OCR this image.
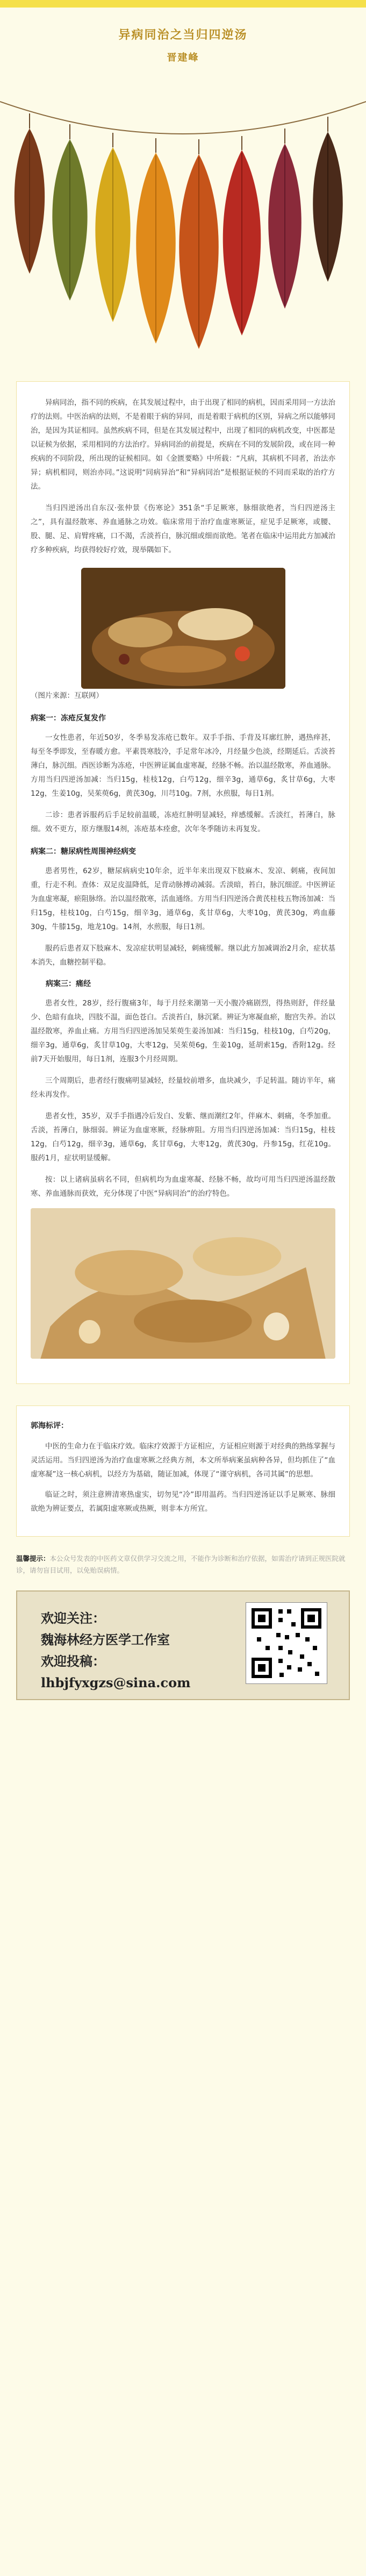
异病同治之当归四逆汤
晋建峰

异病同治，指不同的疾病，在其发展过程中，由于出现了相同的病机，因而采用同一方法治疗的法则。中医治病的法则，不是着眼于病的异同，而是着眼于病机的区别，异病之所以能够同治，是因为其证相同。虽然疾病不同，但是在其发展过程中，出现了相同的病机改变，中医都是以证候为依据，采用相同的方法治疗。异病同治的前提是，疾病在不同的发展阶段，或在同一种疾病的不同阶段，所出现的证候相同。如《金匮要略》中所载：“凡病，其病机不同者，治法亦异；病机相同，则治亦同。”这说明“同病异治”和“异病同治”是根据证候的不同而采取的治疗方法。

当归四逆汤出自东汉·张仲景《伤寒论》351条“手足厥寒，脉细欲绝者，当归四逆汤主之”，具有温经散寒、养血通脉之功效。临床常用于治疗血虚寒厥证，症见手足厥寒，或腰、股、腿、足、肩臂疼痛，口不渴，舌淡苔白，脉沉细或细而欲绝。笔者在临床中运用此方加减治疗多种疾病，均获得较好疗效，现举隅如下。

（图片来源：互联网）

病案一：冻疮反复发作

一女性患者，年近50岁，冬季易发冻疮已数年。双手手指、手背及耳廓红肿，遇热痒甚，每至冬季即发，至春暖方愈。平素畏寒肢冷，手足常年冰冷，月经量少色淡，经期延后。舌淡苔薄白，脉沉细。西医诊断为冻疮，中医辨证属血虚寒凝，经脉不畅。治以温经散寒，养血通脉。方用当归四逆汤加减：当归15g，桂枝12g，白芍12g，细辛3g，通草6g，炙甘草6g，大枣12g，生姜10g，吴茱萸6g，黄芪30g，川芎10g。7剂，水煎服，每日1剂。

二诊：患者诉服药后手足较前温暖，冻疮红肿明显减轻，痒感缓解。舌淡红，苔薄白，脉细。效不更方，原方继服14剂，冻疮基本痊愈，次年冬季随访未再复发。

病案二：糖尿病性周围神经病变

患者男性，62岁，糖尿病病史10年余，近半年来出现双下肢麻木、发凉、刺痛，夜间加重，行走不利。查体：双足皮温降低，足背动脉搏动减弱。舌淡暗，苔白，脉沉细涩。中医辨证为血虚寒凝，瘀阻脉络。治以温经散寒，活血通络。方用当归四逆汤合黄芪桂枝五物汤加减：当归15g，桂枝10g，白芍15g，细辛3g，通草6g，炙甘草6g，大枣10g，黄芪30g，鸡血藤30g，牛膝15g，地龙10g。14剂，水煎服，每日1剂。

服药后患者双下肢麻木、发凉症状明显减轻，刺痛缓解。继以此方加减调治2月余，症状基本消失，血糖控制平稳。

病案三：痛经

患者女性，28岁，经行腹痛3年，每于月经来潮第一天小腹冷痛剧烈，得热则舒，伴经量少、色暗有血块，四肢不温，面色苍白。舌淡苔白，脉沉紧。辨证为寒凝血瘀，胞宫失养。治以温经散寒，养血止痛。方用当归四逆汤加吴茱萸生姜汤加减：当归15g，桂枝10g，白芍20g，细辛3g，通草6g，炙甘草10g，大枣12g，吴茱萸6g，生姜10g，延胡索15g，香附12g。经前7天开始服用，每日1剂，连服3个月经周期。

三个周期后，患者经行腹痛明显减轻，经量较前增多，血块减少，手足转温。随访半年，痛经未再发作。

患者女性，35岁，双手手指遇冷后发白、发紫、继而潮红2年，伴麻木、刺痛，冬季加重。舌淡，苔薄白，脉细弱。辨证为血虚寒厥，经脉痹阻。方用当归四逆汤加减：当归15g，桂枝12g，白芍12g，细辛3g，通草6g，炙甘草6g，大枣12g，黄芪30g，丹参15g，红花10g。服药1月，症状明显缓解。

按：以上诸病虽病名不同，但病机均为血虚寒凝、经脉不畅，故均可用当归四逆汤温经散寒、养血通脉而获效，充分体现了中医“异病同治”的治疗特色。

郭海标评：

中医的生命力在于临床疗效。临床疗效源于方证相应，方证相应则源于对经典的熟练掌握与灵活运用。当归四逆汤为治疗血虚寒厥之经典方剂，本文所举病案虽病种各异，但均抓住了“血虚寒凝”这一核心病机，以经方为基础，随证加减，体现了“谨守病机，各司其属”的思想。

临证之时，须注意辨清寒热虚实，切勿见“冷”即用温药。当归四逆汤证以手足厥寒、脉细欲绝为辨证要点，若属阳虚寒厥或热厥，则非本方所宜。

温馨提示：本公众号发表的中医药文章仅供学习交流之用，不能作为诊断和治疗依据，如需治疗请到正规医院就诊，请勿盲目试用，以免贻误病情。
欢迎关注：
魏海林经方医学工作室
欢迎投稿：
lhbjfyxgzs@sina.com
